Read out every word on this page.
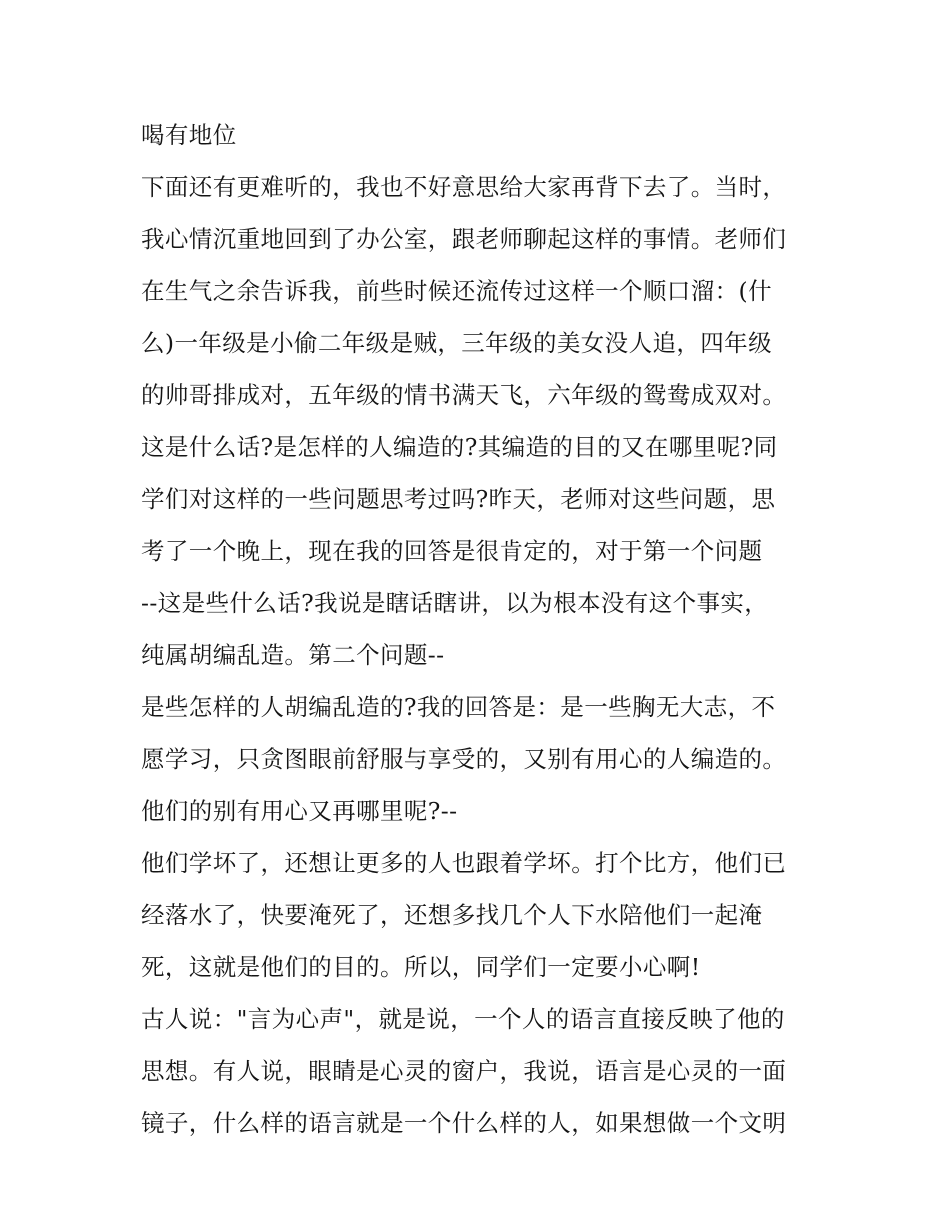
喝有地位
下面还有更难听的，我也不好意思给大家再背下去了。当时，
我心情沉重地回到了办公室，跟老师聊起这样的事情。老师们
在生气之余告诉我，前些时候还流传过这样一个顺口溜：(什
么)一年级是小偷二年级是贼，三年级的美女没人追，四年级
的帅哥排成对，五年级的情书满天飞，六年级的鸳鸯成双对。
这是什么话?是怎样的人编造的?其编造的目的又在哪里呢?同
学们对这样的一些问题思考过吗?昨天，老师对这些问题，思
考了一个晚上，现在我的回答是很肯定的，对于第一个问题
--这是些什么话?我说是瞎话瞎讲，以为根本没有这个事实，
纯属胡编乱造。第二个问题--
是些怎样的人胡编乱造的?我的回答是：是一些胸无大志，不
愿学习，只贪图眼前舒服与享受的，又别有用心的人编造的。
他们的别有用心又再哪里呢?--
他们学坏了，还想让更多的人也跟着学坏。打个比方，他们已
经落水了，快要淹死了，还想多找几个人下水陪他们一起淹
死，这就是他们的目的。所以，同学们一定要小心啊!
古人说："言为心声"，就是说，一个人的语言直接反映了他的
思想。有人说，眼睛是心灵的窗户，我说，语言是心灵的一面
镜子，什么样的语言就是一个什么样的人，如果想做一个文明
